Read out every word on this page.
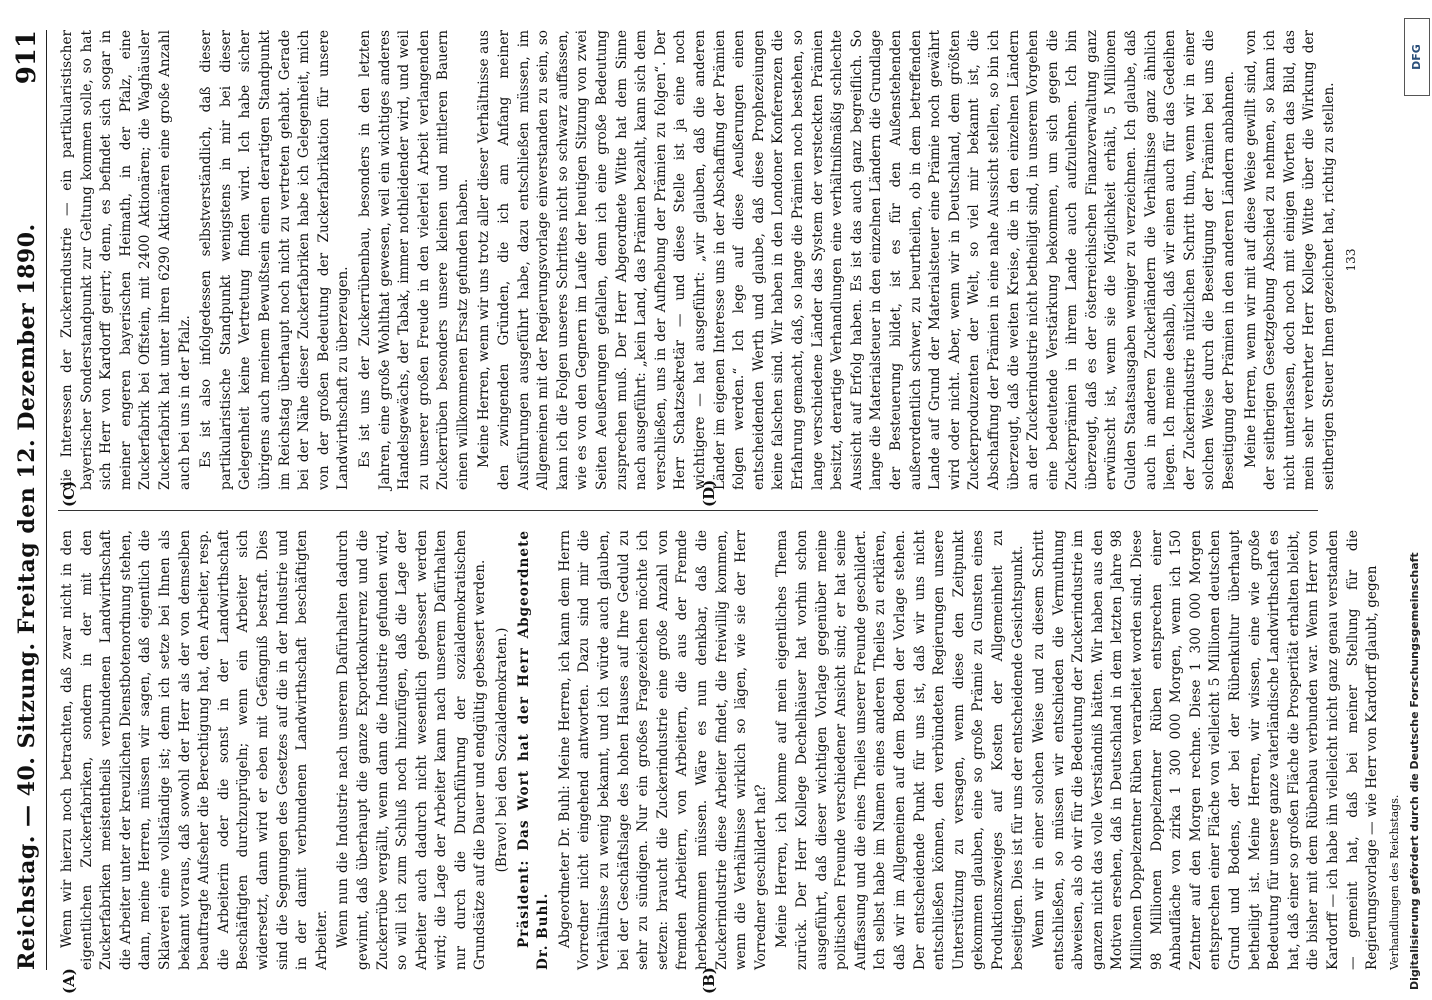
Reichstag. — 40. Sitzung. Freitag den 12. Dezember 1890.
911
(A)	(B)
(C)	(D)

Wenn wir hierzu noch betrachten, daß zwar nicht in den eigentlichen Zuckerfabriken, sondern in der mit den Zuckerfabriken meistentheils verbundenen Landwirthschaft die Arbeiter unter der kreuzlichen Dienstbotenordnung stehen, dann, meine Herren, müssen wir sagen, daß eigentlich die Sklaverei eine vollständige ist; denn ich setze bei Ihnen als bekannt voraus, daß sowohl der Herr als der von demselben beauftragte Aufseher die Berechtigung hat, den Arbeiter, resp. die Arbeiterin oder die sonst in der Landwirthschaft Beschäftigten durchzuprügeln; wenn ein Arbeiter sich widersetzt, dann wird er eben mit Gefängniß bestraft. Dies sind die Segnungen des Gesetzes auf die in der Industrie und in der damit verbundenen Landwirthschaft beschäftigten Arbeiter. Wenn nun die Industrie nach unserem Dafürhalten dadurch gewinnt, daß überhaupt die ganze Exportkonkurrenz und die Zuckerrübe vergällt, wenn dann die Industrie gefunden wird, so will ich zum Schluß noch hinzufügen, daß die Lage der Arbeiter auch dadurch nicht wesentlich gebessert werden wird; die Lage der Arbeiter kann nach unserem Dafürhalten nur durch die Durchführung der sozialdemokratischen Grundsätze auf die Dauer und endgültig gebessert werden. (Bravo! bei den Sozialdemokraten.) Präsident: Das Wort hat der Herr Abgeordnete Dr. Buhl. Abgeordneter Dr. Buhl: Meine Herren, ich kann dem Herrn Vorredner nicht eingehend antworten. Dazu sind mir die Verhältnisse zu wenig bekannt, und ich würde auch glauben, bei der Geschäftslage des hohen Hauses auf Ihre Geduld zu sehr zu sündigen. Nur ein großes Fragezeichen möchte ich setzen: braucht die Zuckerindustrie eine große Anzahl von fremden Arbeitern, von Arbeitern, die aus der Fremde herbekommen müssen. Wäre es nun denkbar, daß die Zuckerindustrie diese Arbeiter findet, die freiwillig kommen, wenn die Verhältnisse wirklich so lägen, wie sie der Herr Vorredner geschildert hat? Meine Herren, ich komme auf mein eigentliches Thema zurück. Der Herr Kollege Dechelhäuser hat vorhin schon ausgeführt, daß dieser wichtigen Vorlage gegenüber meine politischen Freunde verschiedener Ansicht sind; er hat seine Auffassung und die eines Theiles unserer Freunde geschildert. Ich selbst habe im Namen eines anderen Theiles zu erklären, daß wir im Allgemeinen auf dem Boden der Vorlage stehen. Der entscheidende Punkt für uns ist, daß wir uns nicht entschließen können, den verbündeten Regierungen unsere Unterstützung zu versagen, wenn diese den Zeitpunkt gekommen glauben, eine so große Prämie zu Gunsten eines Produktionszweiges auf Kosten der Allgemeinheit zu beseitigen. Dies ist für uns der entscheidende Gesichtspunkt. Wenn wir in einer solchen Weise und zu diesem Schritt entschließen, so müssen wir entschieden die Vermuthung abweisen, als ob wir für die Bedeutung der Zuckerindustrie im ganzen nicht das volle Verständniß hätten. Wir haben aus den Motiven ersehen, daß in Deutschland in dem letzten Jahre 98 Millionen Doppelzentner Rüben verarbeitet worden sind. Diese 98 Millionen Doppelzentner Rüben entsprechen einer Anbaufläche von zirka 1 300 000 Morgen, wenn ich 150 Zentner auf den Morgen rechne. Diese 1 300 000 Morgen entsprechen einer Fläche von vielleicht 5 Millionen deutschen Grund und Bodens, der bei der Rübenkultur überhaupt betheiligt ist. Meine Herren, wir wissen, eine wie große Bedeutung für unsere ganze vaterländische Landwirthschaft es hat, daß einer so großen Fläche die Prosperität erhalten bleibt, die bisher mit dem Rübenbau verbunden war. Wenn Herr von Kardorff — ich habe ihn vielleicht nicht ganz genau verstanden — gemeint hat, daß bei meiner Stellung für die Regierungsvorlage — wie Herr von Kardorff glaubt, gegen Verhandlungen des Reichstags.

die Interessen der Zuckerindustrie — ein partikularistischer bayerischer Sonderstandpunkt zur Geltung kommen solle, so hat sich Herr von Kardorff geirrt; denn, es befindet sich sogar in meiner engeren bayerischen Heimath, in der Pfalz, eine Zuckerfabrik bei Offstein, mit 2400 Aktionären; die Waghäusler Zuckerfabrik hat unter ihren 6290 Aktionären eine große Anzahl auch bei uns in der Pfalz. Es ist also infolgedessen selbstverständlich, daß dieser partikularistische Standpunkt wenigstens in mir bei dieser Gelegenheit keine Vertretung finden wird. Ich habe sicher übrigens auch meinem Bewußtsein einen derartigen Standpunkt im Reichstag überhaupt noch nicht zu vertreten gehabt. Gerade bei der Nähe dieser Zuckerfabriken habe ich Gelegenheit, mich von der großen Bedeutung der Zuckerfabrikation für unsere Landwirthschaft zu überzeugen. Es ist uns der Zuckerrübenbau, besonders in den letzten Jahren, eine große Wohlthat gewesen, weil ein wichtiges anderes Handelsgewächs, der Tabak, immer nothleidender wird, und weil zu unserer großen Freude in den vielerlei Arbeit verlangenden Zuckerrüben besonders unsere kleinen und mittleren Bauern einen willkommenen Ersatz gefunden haben. Meine Herren, wenn wir uns trotz aller dieser Verhältnisse aus den zwingenden Gründen, die ich am Anfang meiner Ausführungen ausgeführt habe, dazu entschließen müssen, im Allgemeinen mit der Regierungsvorlage einverstanden zu sein, so kann ich die Folgen unseres Schrittes nicht so schwarz auffassen, wie es von den Gegnern im Laufe der heutigen Sitzung von zwei Seiten Aeußerungen gefallen, denn ich eine große Bedeutung zusprechen muß. Der Herr Abgeordnete Witte hat dem Sinne nach ausgeführt: „kein Land, das Prämien bezahlt, kann sich dem verschließen, uns in der Aufhebung der Prämien zu folgen“. Der Herr Schatzsekretär — und diese Stelle ist ja eine noch wichtigere — hat ausgeführt: „wir glauben, daß die anderen Länder im eigenen Interesse uns in der Abschaffung der Prämien folgen werden.“ Ich lege auf diese Aeußerungen einen entscheidenden Werth und glaube, daß diese Prophezeiungen keine falschen sind. Wir haben in den Londoner Konferenzen die Erfahrung gemacht, daß, so lange die Prämien noch bestehen, so lange verschiedene Länder das System der versteckten Prämien besitzt, derartige Verhandlungen eine verhältnißmäßig schlechte Aussicht auf Erfolg haben. Es ist das auch ganz begreiflich. So lange die Materialsteuer in den einzelnen Ländern die Grundlage der Besteuerung bildet, ist es für den Außenstehenden außerordentlich schwer, zu beurtheilen, ob in dem betreffenden Lande auf Grund der Materialsteuer eine Prämie noch gewährt wird oder nicht. Aber, wenn wir in Deutschland, dem größten Zuckerproduzenten der Welt, so viel mir bekannt ist, die Abschaffung der Prämien in eine nahe Aussicht stellen, so bin ich überzeugt, daß die weiten Kreise, die in den einzelnen Ländern an der Zuckerindustrie nicht betheiligt sind, in unserem Vorgehen eine bedeutende Verstärkung bekommen, um sich gegen die Zuckerprämien in ihrem Lande auch aufzulehnen. Ich bin überzeugt, daß es der österreichischen Finanzverwaltung ganz erwünscht ist, wenn sie die Möglichkeit erhält, 5 Millionen Gulden Staatsausgaben weniger zu verzeichnen. Ich glaube, daß auch in anderen Zuckerländern die Verhältnisse ganz ähnlich liegen. Ich meine deshalb, daß wir einen auch für das Gedeihen der Zuckerindustrie nützlichen Schritt thun, wenn wir in einer solchen Weise durch die Beseitigung der Prämien bei uns die Beseitigung der Prämien in den anderen Ländern anbahnen. Meine Herren, wenn wir mit auf diese Weise gewillt sind, von der seitherigen Gesetzgebung Abschied zu nehmen, so kann ich nicht unterlassen, doch noch mit einigen Worten das Bild, das mein sehr verehrter Herr Kollege Witte über die Wirkung der seitherigen Steuer Ihnen gezeichnet hat, richtig zu stellen. 133

DFG
Digitalisierung gefördert durch die Deutsche Forschungsgemeinschaft
